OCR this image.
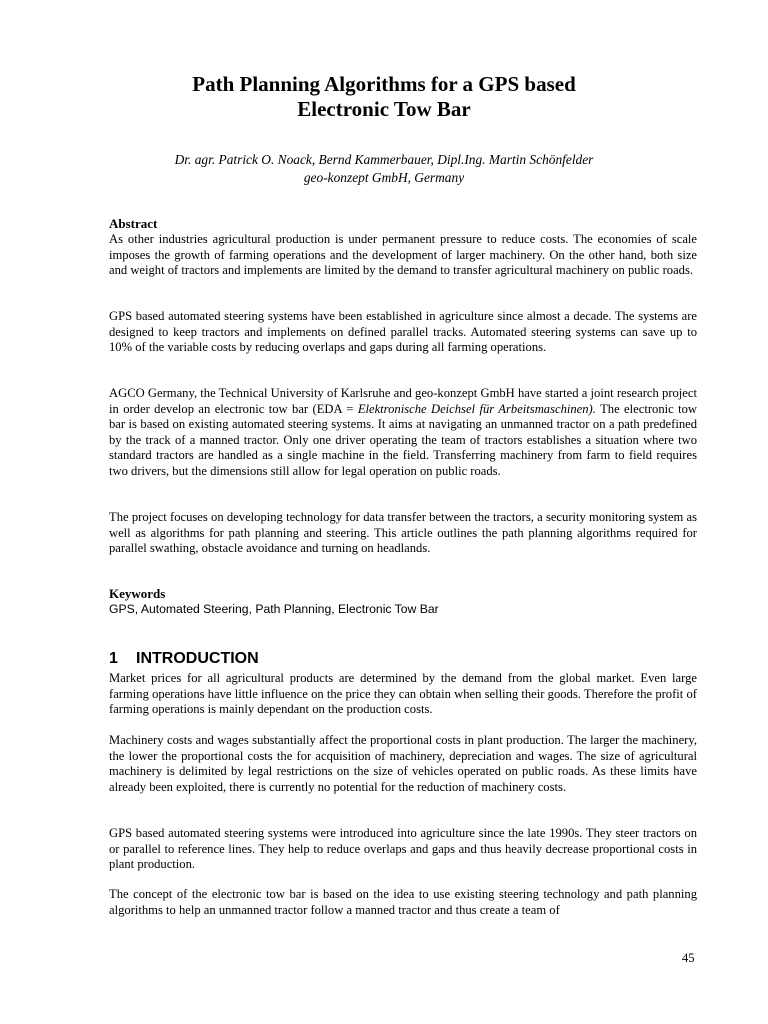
Path Planning Algorithms for a GPS based
Electronic Tow Bar
Dr. agr. Patrick O. Noack, Bernd Kammerbauer, Dipl.Ing. Martin Schönfelder
geo-konzept GmbH, Germany
Abstract

As other industries agricultural production is under permanent pressure to reduce costs. The economies of scale imposes the growth of farming operations and the development of larger machinery. On the other hand, both size and weight of tractors and implements are limited by the demand to transfer agricultural machinery on public roads.

GPS based automated steering systems have been established in agriculture since almost a decade. The systems are designed to keep tractors and implements on defined parallel tracks. Automated steering systems can save up to 10% of the variable costs by reducing overlaps and gaps during all farming operations.

AGCO Germany, the Technical University of Karlsruhe and geo-konzept GmbH have started a joint research project in order develop an electronic tow bar (EDA = Elektronische Deichsel für Arbeitsmaschinen). The electronic tow bar is based on existing automated steering systems. It aims at navigating an unmanned tractor on a path predefined by the track of a manned tractor. Only one driver operating the team of tractors establishes a situation where two standard tractors are handled as a single machine in the field. Transferring machinery from farm to field requires two drivers, but the dimensions still allow for legal operation on public roads.

The project focuses on developing technology for data transfer between the tractors, a security monitoring system as well as algorithms for path planning and steering. This article outlines the path planning algorithms required for parallel swathing, obstacle avoidance and turning on headlands.

Keywords

GPS, Automated Steering, Path Planning, Electronic Tow Bar

1 INTRODUCTION

Market prices for all agricultural products are determined by the demand from the global market. Even large farming operations have little influence on the price they can obtain when selling their goods. Therefore the profit of farming operations is mainly dependant on the production costs.

Machinery costs and wages substantially affect the proportional costs in plant production. The larger the machinery, the lower the proportional costs the for acquisition of machinery, depreciation and wages. The size of agricultural machinery is delimited by legal restrictions on the size of vehicles operated on public roads. As these limits have already been exploited, there is currently no potential for the reduction of machinery costs.

GPS based automated steering systems were introduced into agriculture since the late 1990s. They steer tractors on or parallel to reference lines. They help to reduce overlaps and gaps and thus heavily decrease proportional costs in plant production.

The concept of the electronic tow bar is based on the idea to use existing steering technology and path planning algorithms to help an unmanned tractor follow a manned tractor and thus create a team of

45
